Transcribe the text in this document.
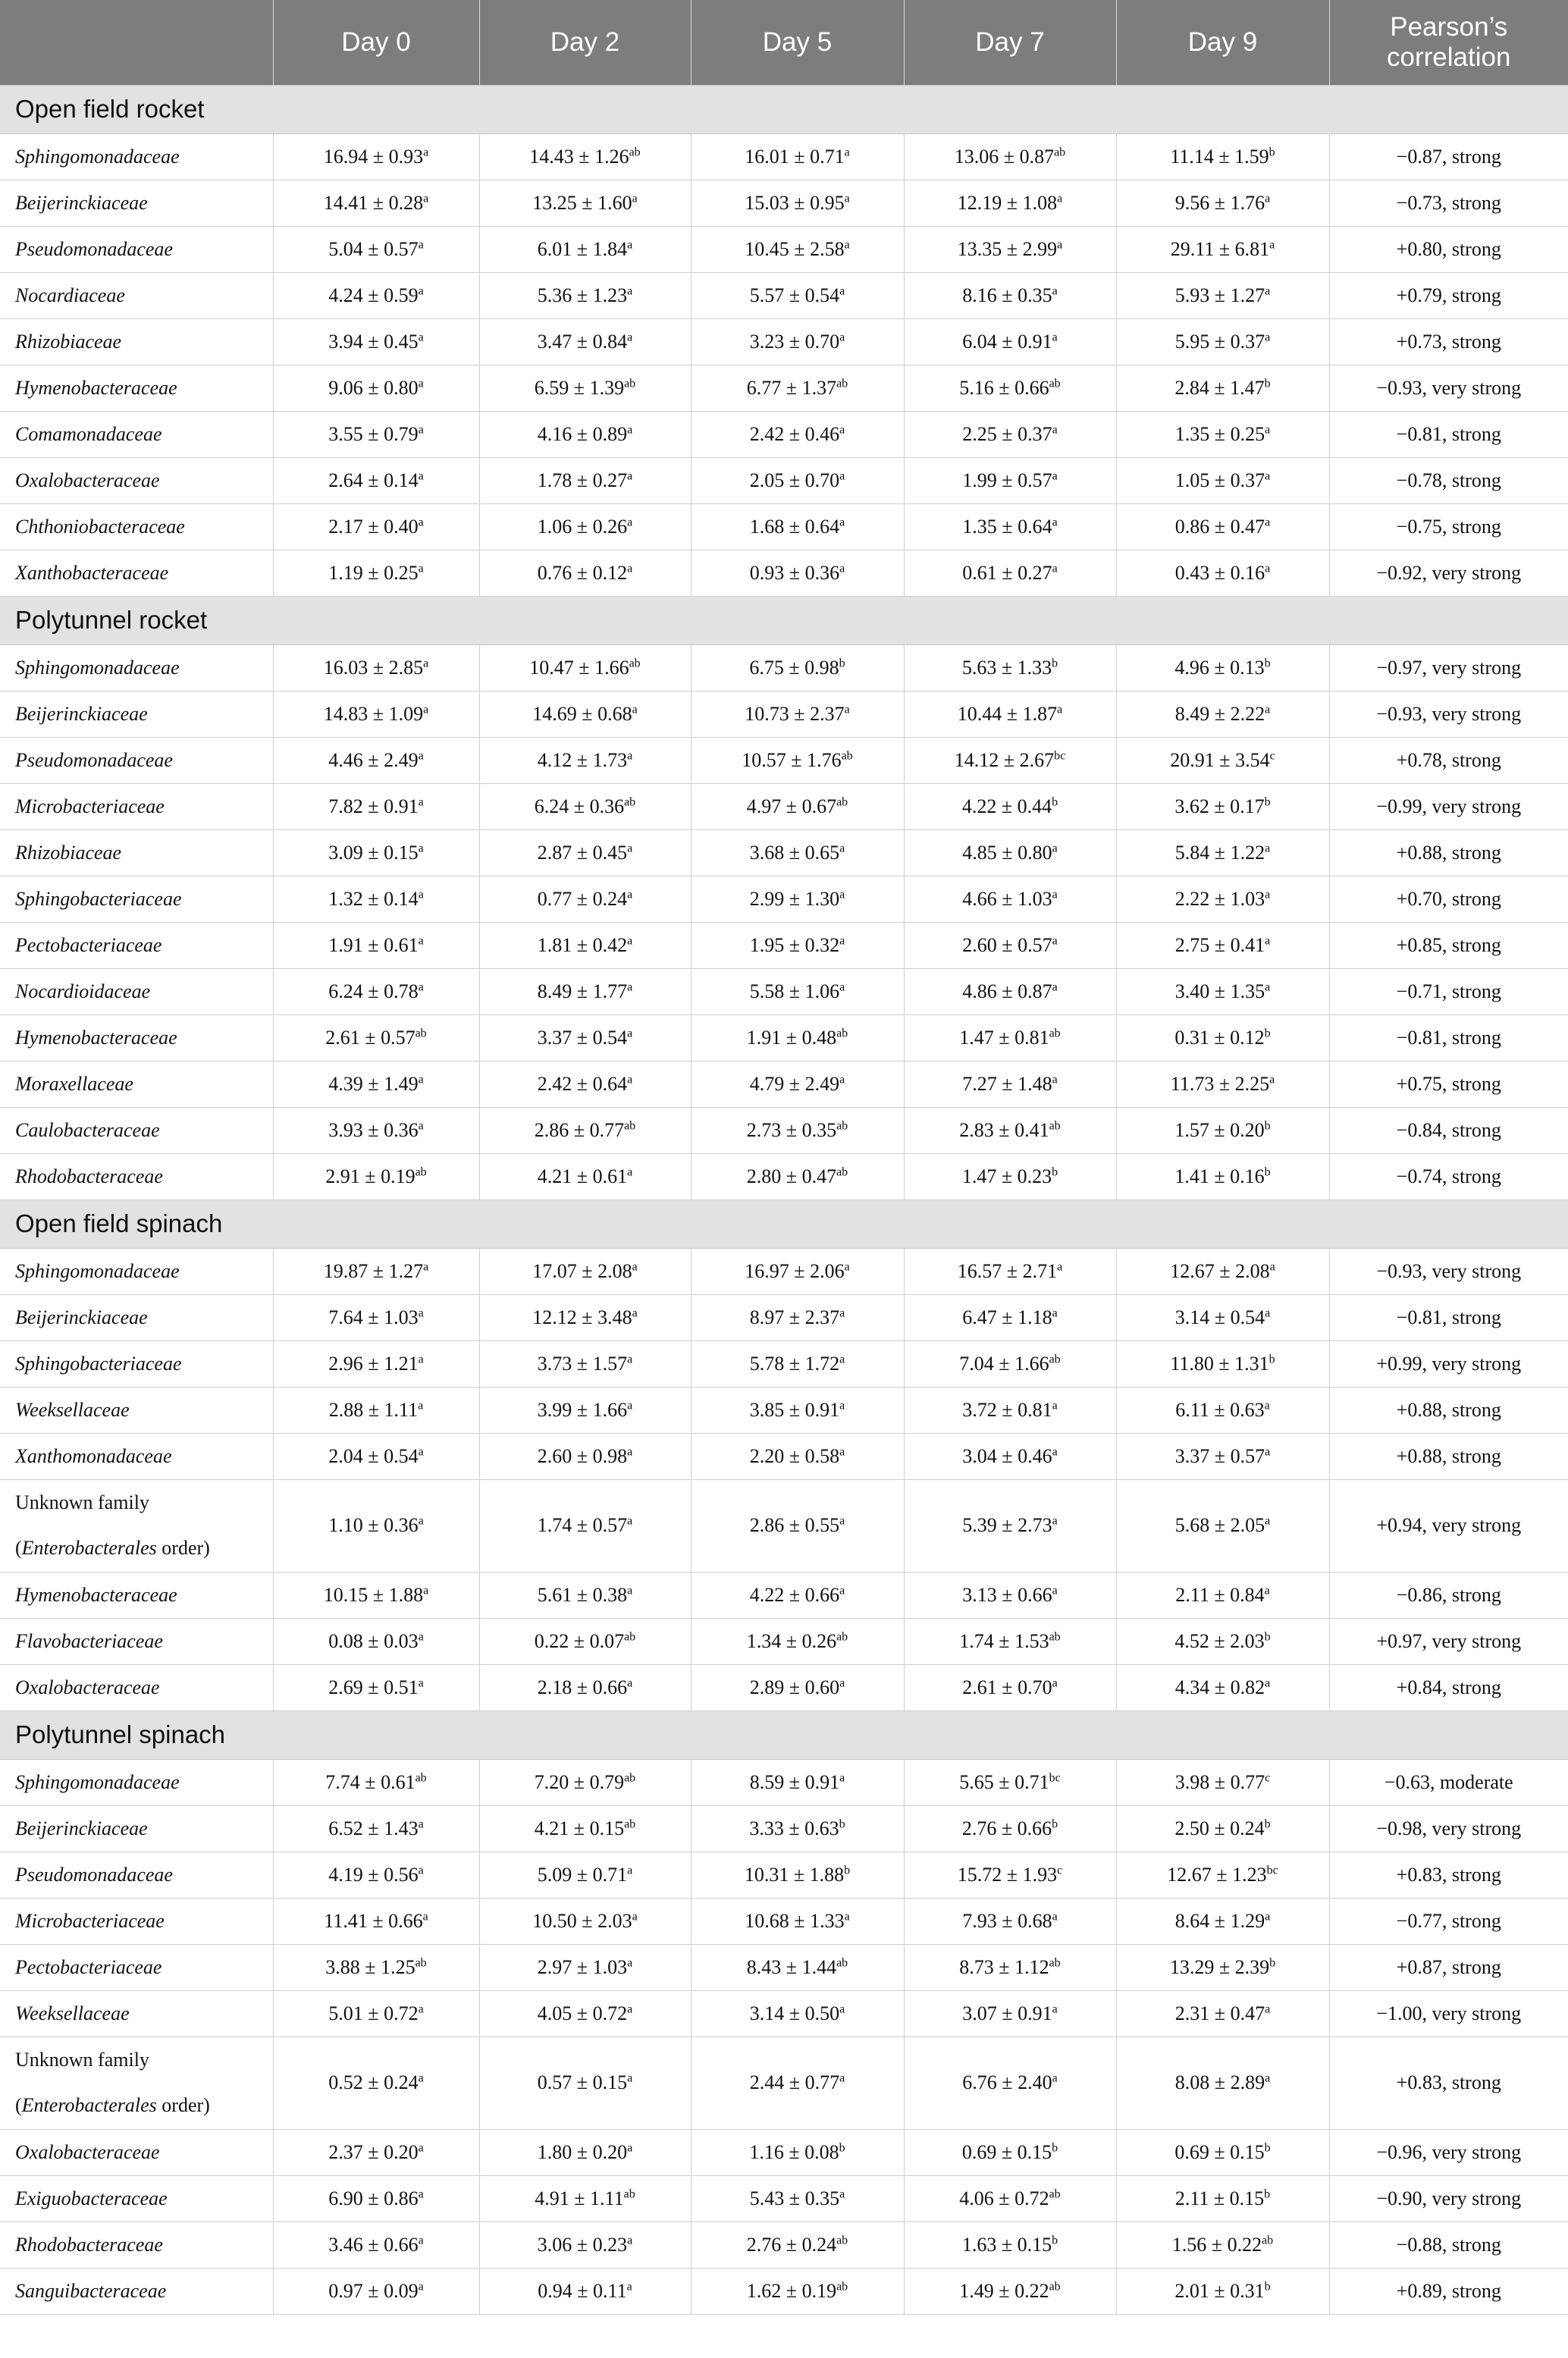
	Day 0	Day 2	Day 5	Day 7	Day 9	Pearson’s correlation
Open field rocket						
Sphingomonadaceae	16.94 ± 0.93$^a$	14.43 ± 1.26$^{ab}$	16.01 ± 0.71$^a$	13.06 ± 0.87$^{ab}$	11.14 ± 1.59$^b$	−0.87, strong
Beijerinckiaceae	14.41 ± 0.28$^a$	13.25 ± 1.60$^a$	15.03 ± 0.95$^a$	12.19 ± 1.08$^a$	9.56 ± 1.76$^a$	−0.73, strong
Pseudomonadaceae	5.04 ± 0.57$^a$	6.01 ± 1.84$^a$	10.45 ± 2.58$^a$	13.35 ± 2.99$^a$	29.11 ± 6.81$^a$	+0.80, strong
Nocardiaceae	4.24 ± 0.59$^a$	5.36 ± 1.23$^a$	5.57 ± 0.54$^a$	8.16 ± 0.35$^a$	5.93 ± 1.27$^a$	+0.79, strong
Rhizobiaceae	3.94 ± 0.45$^a$	3.47 ± 0.84$^a$	3.23 ± 0.70$^a$	6.04 ± 0.91$^a$	5.95 ± 0.37$^a$	+0.73, strong
Hymenobacteraceae	9.06 ± 0.80$^a$	6.59 ± 1.39$^{ab}$	6.77 ± 1.37$^{ab}$	5.16 ± 0.66$^{ab}$	2.84 ± 1.47$^b$	−0.93, very strong
Comamonadaceae	3.55 ± 0.79$^a$	4.16 ± 0.89$^a$	2.42 ± 0.46$^a$	2.25 ± 0.37$^a$	1.35 ± 0.25$^a$	−0.81, strong
Oxalobacteraceae	2.64 ± 0.14$^a$	1.78 ± 0.27$^a$	2.05 ± 0.70$^a$	1.99 ± 0.57$^a$	1.05 ± 0.37$^a$	−0.78, strong
Chthoniobacteraceae	2.17 ± 0.40$^a$	1.06 ± 0.26$^a$	1.68 ± 0.64$^a$	1.35 ± 0.64$^a$	0.86 ± 0.47$^a$	−0.75, strong
Xanthobacteraceae	1.19 ± 0.25$^a$	0.76 ± 0.12$^a$	0.93 ± 0.36$^a$	0.61 ± 0.27$^a$	0.43 ± 0.16$^a$	−0.92, very strong
Polytunnel rocket						
Sphingomonadaceae	16.03 ± 2.85$^a$	10.47 ± 1.66$^{ab}$	6.75 ± 0.98$^b$	5.63 ± 1.33$^b$	4.96 ± 0.13$^b$	−0.97, very strong
Beijerinckiaceae	14.83 ± 1.09$^a$	14.69 ± 0.68$^a$	10.73 ± 2.37$^a$	10.44 ± 1.87$^a$	8.49 ± 2.22$^a$	−0.93, very strong
Pseudomonadaceae	4.46 ± 2.49$^a$	4.12 ± 1.73$^a$	10.57 ± 1.76$^{ab}$	14.12 ± 2.67$^{bc}$	20.91 ± 3.54$^c$	+0.78, strong
Microbacteriaceae	7.82 ± 0.91$^a$	6.24 ± 0.36$^{ab}$	4.97 ± 0.67$^{ab}$	4.22 ± 0.44$^b$	3.62 ± 0.17$^b$	−0.99, very strong
Rhizobiaceae	3.09 ± 0.15$^a$	2.87 ± 0.45$^a$	3.68 ± 0.65$^a$	4.85 ± 0.80$^a$	5.84 ± 1.22$^a$	+0.88, strong
Sphingobacteriaceae	1.32 ± 0.14$^a$	0.77 ± 0.24$^a$	2.99 ± 1.30$^a$	4.66 ± 1.03$^a$	2.22 ± 1.03$^a$	+0.70, strong
Pectobacteriaceae	1.91 ± 0.61$^a$	1.81 ± 0.42$^a$	1.95 ± 0.32$^a$	2.60 ± 0.57$^a$	2.75 ± 0.41$^a$	+0.85, strong
Nocardioidaceae	6.24 ± 0.78$^a$	8.49 ± 1.77$^a$	5.58 ± 1.06$^a$	4.86 ± 0.87$^a$	3.40 ± 1.35$^a$	−0.71, strong
Hymenobacteraceae	2.61 ± 0.57$^{ab}$	3.37 ± 0.54$^a$	1.91 ± 0.48$^{ab}$	1.47 ± 0.81$^{ab}$	0.31 ± 0.12$^b$	−0.81, strong
Moraxellaceae	4.39 ± 1.49$^a$	2.42 ± 0.64$^a$	4.79 ± 2.49$^a$	7.27 ± 1.48$^a$	11.73 ± 2.25$^a$	+0.75, strong
Caulobacteraceae	3.93 ± 0.36$^a$	2.86 ± 0.77$^{ab}$	2.73 ± 0.35$^{ab}$	2.83 ± 0.41$^{ab}$	1.57 ± 0.20$^b$	−0.84, strong
Rhodobacteraceae	2.91 ± 0.19$^{ab}$	4.21 ± 0.61$^a$	2.80 ± 0.47$^{ab}$	1.47 ± 0.23$^b$	1.41 ± 0.16$^b$	−0.74, strong
Open field spinach						
Sphingomonadaceae	19.87 ± 1.27$^a$	17.07 ± 2.08$^a$	16.97 ± 2.06$^a$	16.57 ± 2.71$^a$	12.67 ± 2.08$^a$	−0.93, very strong
Beijerinckiaceae	7.64 ± 1.03$^a$	12.12 ± 3.48$^a$	8.97 ± 2.37$^a$	6.47 ± 1.18$^a$	3.14 ± 0.54$^a$	−0.81, strong
Sphingobacteriaceae	2.96 ± 1.21$^a$	3.73 ± 1.57$^a$	5.78 ± 1.72$^a$	7.04 ± 1.66$^{ab}$	11.80 ± 1.31$^b$	+0.99, very strong
Weeksellaceae	2.88 ± 1.11$^a$	3.99 ± 1.66$^a$	3.85 ± 0.91$^a$	3.72 ± 0.81$^a$	6.11 ± 0.63$^a$	+0.88, strong
Xanthomonadaceae	2.04 ± 0.54$^a$	2.60 ± 0.98$^a$	2.20 ± 0.58$^a$	3.04 ± 0.46$^a$	3.37 ± 0.57$^a$	+0.88, strong

Unknown family
(Enterobacterales order)	1.10 ± 0.36$^a$	1.74 ± 0.57$^a$	2.86 ± 0.55$^a$	5.39 ± 2.73$^a$	5.68 ± 2.05$^a$	+0.94, very strong
Hymenobacteraceae	10.15 ± 1.88$^a$	5.61 ± 0.38$^a$	4.22 ± 0.66$^a$	3.13 ± 0.66$^a$	2.11 ± 0.84$^a$	−0.86, strong
Flavobacteriaceae	0.08 ± 0.03$^a$	0.22 ± 0.07$^{ab}$	1.34 ± 0.26$^{ab}$	1.74 ± 1.53$^{ab}$	4.52 ± 2.03$^b$	+0.97, very strong
Oxalobacteraceae	2.69 ± 0.51$^a$	2.18 ± 0.66$^a$	2.89 ± 0.60$^a$	2.61 ± 0.70$^a$	4.34 ± 0.82$^a$	+0.84, strong
Polytunnel spinach						
Sphingomonadaceae	7.74 ± 0.61$^{ab}$	7.20 ± 0.79$^{ab}$	8.59 ± 0.91$^a$	5.65 ± 0.71$^{bc}$	3.98 ± 0.77$^c$	−0.63, moderate
Beijerinckiaceae	6.52 ± 1.43$^a$	4.21 ± 0.15$^{ab}$	3.33 ± 0.63$^b$	2.76 ± 0.66$^b$	2.50 ± 0.24$^b$	−0.98, very strong
Pseudomonadaceae	4.19 ± 0.56$^a$	5.09 ± 0.71$^a$	10.31 ± 1.88$^b$	15.72 ± 1.93$^c$	12.67 ± 1.23$^{bc}$	+0.83, strong
Microbacteriaceae	11.41 ± 0.66$^a$	10.50 ± 2.03$^a$	10.68 ± 1.33$^a$	7.93 ± 0.68$^a$	8.64 ± 1.29$^a$	−0.77, strong
Pectobacteriaceae	3.88 ± 1.25$^{ab}$	2.97 ± 1.03$^a$	8.43 ± 1.44$^{ab}$	8.73 ± 1.12$^{ab}$	13.29 ± 2.39$^b$	+0.87, strong
Weeksellaceae	5.01 ± 0.72$^a$	4.05 ± 0.72$^a$	3.14 ± 0.50$^a$	3.07 ± 0.91$^a$	2.31 ± 0.47$^a$	−1.00, very strong

Unknown family
(Enterobacterales order)	0.52 ± 0.24$^a$	0.57 ± 0.15$^a$	2.44 ± 0.77$^a$	6.76 ± 2.40$^a$	8.08 ± 2.89$^a$	+0.83, strong
Oxalobacteraceae	2.37 ± 0.20$^a$	1.80 ± 0.20$^a$	1.16 ± 0.08$^b$	0.69 ± 0.15$^b$	0.69 ± 0.15$^b$	−0.96, very strong
Exiguobacteraceae	6.90 ± 0.86$^a$	4.91 ± 1.11$^{ab}$	5.43 ± 0.35$^a$	4.06 ± 0.72$^{ab}$	2.11 ± 0.15$^b$	−0.90, very strong
Rhodobacteraceae	3.46 ± 0.66$^a$	3.06 ± 0.23$^a$	2.76 ± 0.24$^{ab}$	1.63 ± 0.15$^b$	1.56 ± 0.22$^{ab}$	−0.88, strong
Sanguibacteraceae	0.97 ± 0.09$^a$	0.94 ± 0.11$^a$	1.62 ± 0.19$^{ab}$	1.49 ± 0.22$^{ab}$	2.01 ± 0.31$^b$	+0.89, strong
